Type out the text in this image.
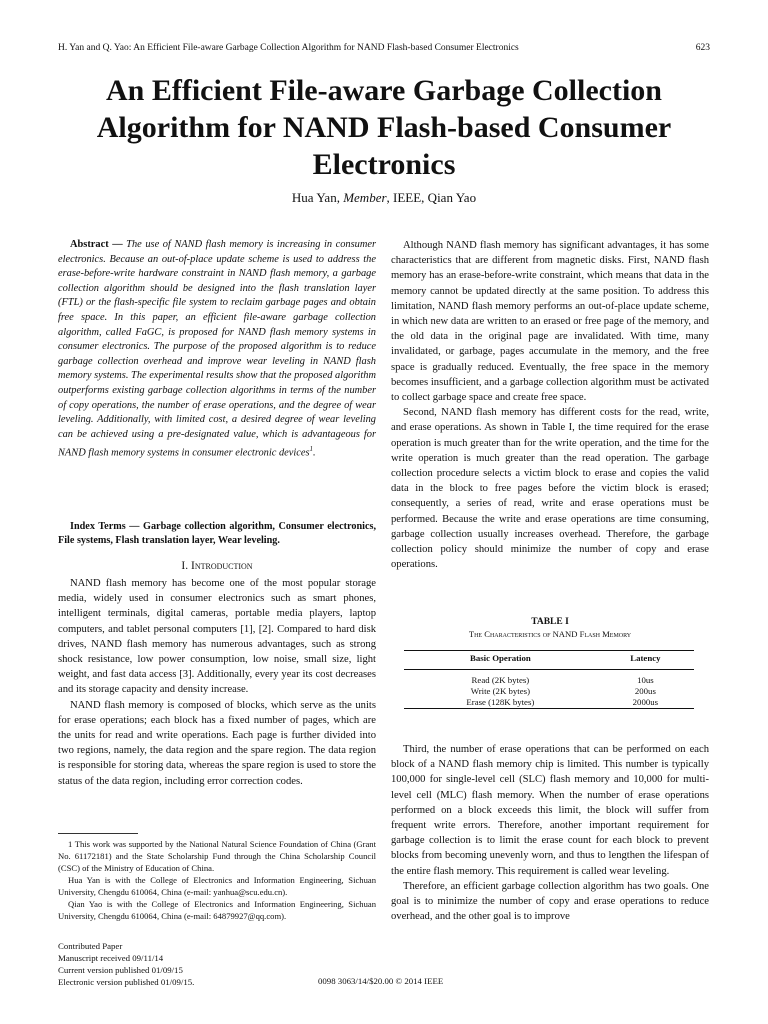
H. Yan and Q. Yao: An Efficient File-aware Garbage Collection Algorithm for NAND Flash-based Consumer Electronics	623
An Efficient File-aware Garbage Collection Algorithm for NAND Flash-based Consumer Electronics
Hua Yan, Member, IEEE, Qian Yao

Abstract — The use of NAND flash memory is increasing in consumer electronics. Because an out-of-place update scheme is used to address the erase-before-write hardware constraint in NAND flash memory, a garbage collection algorithm should be designed into the flash translation layer (FTL) or the flash-specific file system to reclaim garbage pages and obtain free space. In this paper, an efficient file-aware garbage collection algorithm, called FaGC, is proposed for NAND flash memory systems in consumer electronics. The purpose of the proposed algorithm is to reduce garbage collection overhead and improve wear leveling in NAND flash memory systems. The experimental results show that the proposed algorithm outperforms existing garbage collection algorithms in terms of the number of copy operations, the number of erase operations, and the degree of wear leveling. Additionally, with limited cost, a desired degree of wear leveling can be achieved using a pre-designated value, which is advantageous for NAND flash memory systems in consumer electronic devices$^1$.

Index Terms — Garbage collection algorithm, Consumer electronics, File systems, Flash translation layer, Wear leveling.

I. Introduction

NAND flash memory has become one of the most popular storage media, widely used in consumer electronics such as smart phones, intelligent terminals, digital cameras, portable media players, laptop computers, and tablet personal computers [1], [2]. Compared to hard disk drives, NAND flash memory has numerous advantages, such as strong shock resistance, low power consumption, low noise, small size, light weight, and fast data access [3]. Additionally, every year its cost decreases and its storage capacity and density increase.

NAND flash memory is composed of blocks, which serve as the units for erase operations; each block has a fixed number of pages, which are the units for read and write operations. Each page is further divided into two regions, namely, the data region and the spare region. The data region is responsible for storing data, whereas the spare region is used to store the status of the data region, including error correction codes.

1 This work was supported by the National Natural Science Foundation of China (Grant No. 61172181) and the State Scholarship Fund through the China Scholarship Council (CSC) of the Ministry of Education of China.

Hua Yan is with the College of Electronics and Information Engineering, Sichuan University, Chengdu 610064, China (e-mail: yanhua@scu.edu.cn).

Qian Yao is with the College of Electronics and Information Engineering, Sichuan University, Chengdu 610064, China (e-mail: 64879927@qq.com).

Contributed Paper
Manuscript received 09/11/14
Current version published 01/09/15
Electronic version published 01/09/15.	0098 3063/14/$20.00 © 2014 IEEE

Although NAND flash memory has significant advantages, it has some characteristics that are different from magnetic disks. First, NAND flash memory has an erase-before-write constraint, which means that data in the memory cannot be updated directly at the same position. To address this limitation, NAND flash memory performs an out-of-place update scheme, in which new data are written to an erased or free page of the memory, and the old data in the original page are invalidated. With time, many invalidated, or garbage, pages accumulate in the memory, and the free space is gradually reduced. Eventually, the free space in the memory becomes insufficient, and a garbage collection algorithm must be activated to collect garbage space and create free space.

Second, NAND flash memory has different costs for the read, write, and erase operations. As shown in Table I, the time required for the erase operation is much greater than for the write operation, and the time for the write operation is much greater than the read operation. The garbage collection procedure selects a victim block to erase and copies the valid data in the block to free pages before the victim block is erased; consequently, a series of read, write and erase operations must be performed. Because the write and erase operations are time consuming, garbage collection usually increases overhead. Therefore, the garbage collection policy should minimize the number of copy and erase operations.

TABLE I
The Characteristics of NAND Flash Memory
Basic Operation	Latency
Read (2K bytes)	10us
Write (2K bytes)	200us
Erase (128K bytes)	2000us

Third, the number of erase operations that can be performed on each block of a NAND flash memory chip is limited. This number is typically 100,000 for single-level cell (SLC) flash memory and 10,000 for multi-level cell (MLC) flash memory. When the number of erase operations performed on a block exceeds this limit, the block will suffer from frequent write errors. Therefore, another important requirement for garbage collection is to limit the erase count for each block to prevent blocks from becoming unevenly worn, and thus to lengthen the lifespan of the entire flash memory. This requirement is called wear leveling.

Therefore, an efficient garbage collection algorithm has two goals. One goal is to minimize the number of copy and erase operations to reduce overhead, and the other goal is to improve
